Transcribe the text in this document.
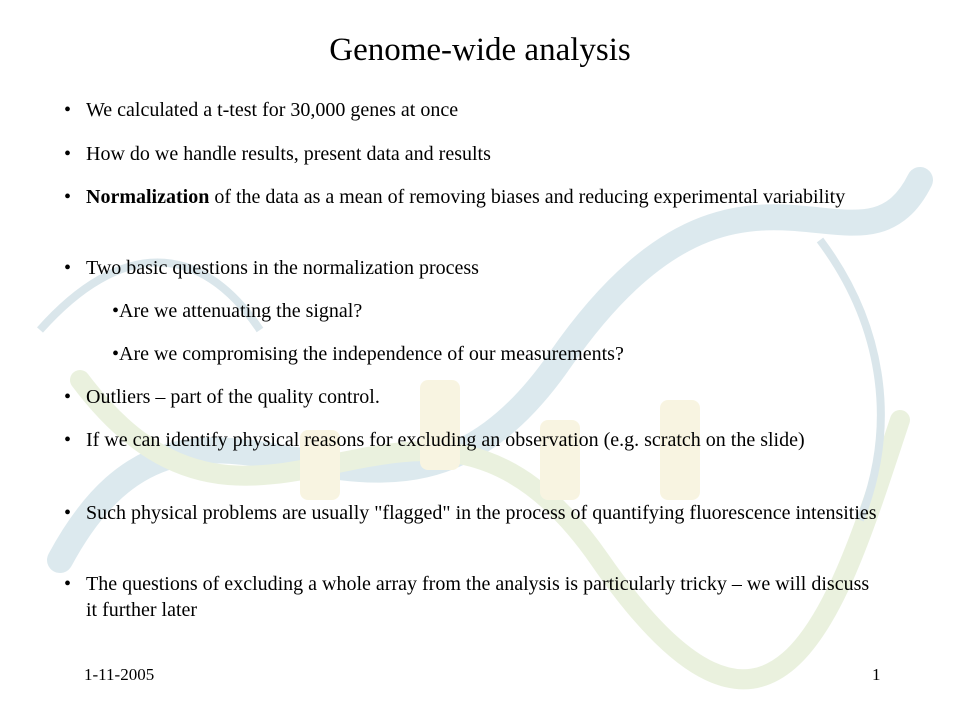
Genome-wide analysis
• We calculated a t-test for 30,000 genes at once
• How do we handle results, present data and results
• Normalization of the data as a mean of removing biases and reducing experimental variability
• Two basic questions in the normalization process
•Are we attenuating the signal?
•Are we compromising the independence of our measurements?
• Outliers – part of the quality control.
• If we can identify physical reasons for excluding an observation (e.g. scratch on the slide)
• Such physical problems are usually "flagged" in the process of quantifying fluorescence intensities
• The questions of excluding a whole array from the analysis is particularly tricky – we will discuss it further later
1-11-2005	1
